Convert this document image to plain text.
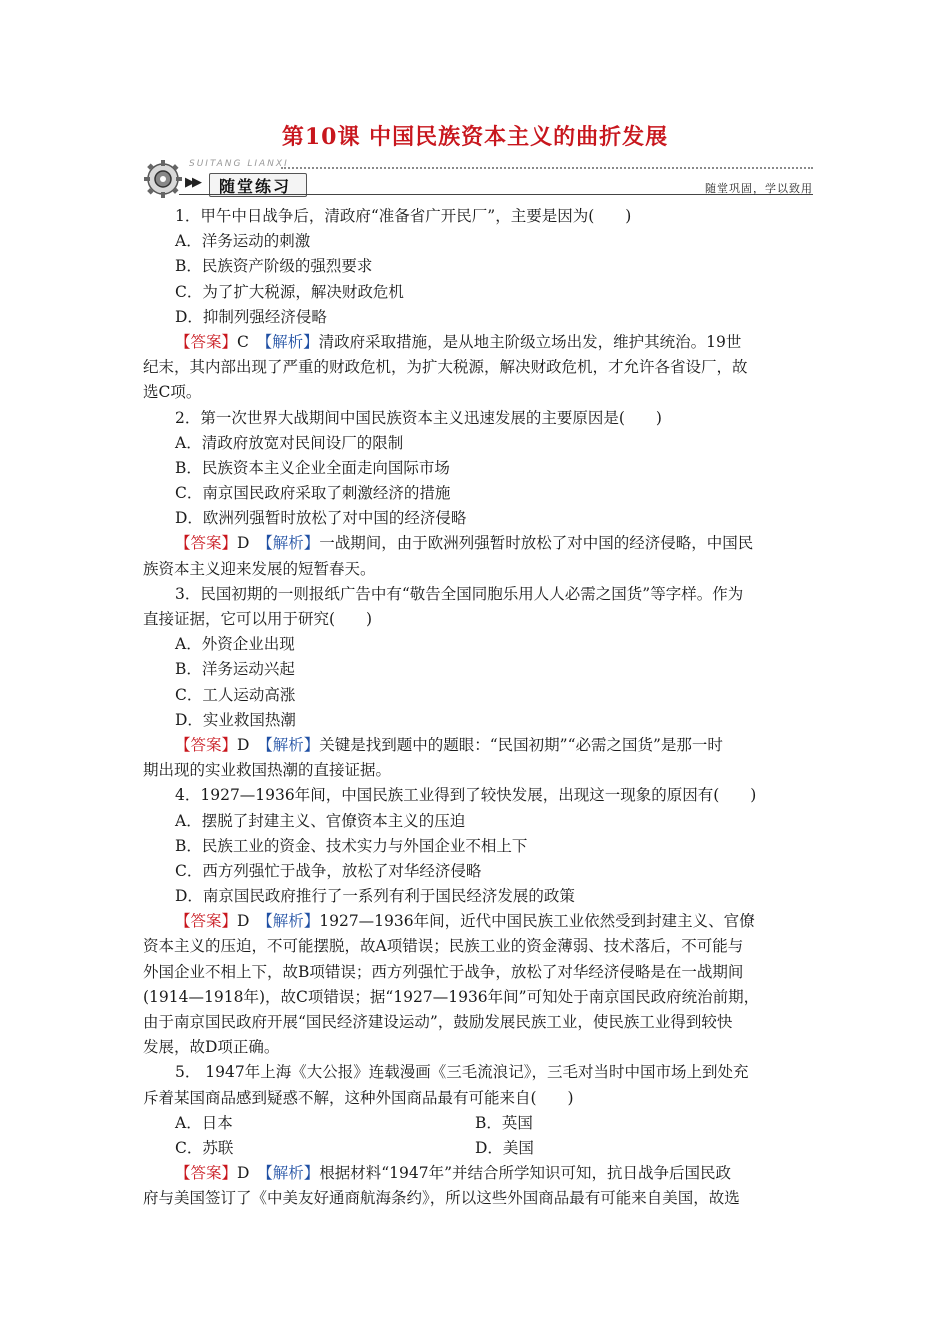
第10课 中国民族资本主义的曲折发展
SUITANG LIANXI
▶▶ 随堂练习	随堂巩固，学以致用
1．甲午中日战争后，清政府“准备省广开民厂”，主要是因为(　　)
A．洋务运动的刺激
B．民族资产阶级的强烈要求
C．为了扩大税源，解决财政危机
D．抑制列强经济侵略
【答案】C　 【解析】清政府采取措施，是从地主阶级立场出发，维护其统治。19世
纪末，其内部出现了严重的财政危机，为扩大税源，解决财政危机，才允许各省设厂，故
选C项。
2．第一次世界大战期间中国民族资本主义迅速发展的主要原因是(　　)
A．清政府放宽对民间设厂的限制
B．民族资本主义企业全面走向国际市场
C．南京国民政府采取了刺激经济的措施
D．欧洲列强暂时放松了对中国的经济侵略
【答案】D　 【解析】一战期间，由于欧洲列强暂时放松了对中国的经济侵略，中国民
族资本主义迎来发展的短暂春天。
3．民国初期的一则报纸广告中有“敬告全国同胞乐用人人必需之国货”等字样。作为
直接证据，它可以用于研究(　　)
A．外资企业出现
B．洋务运动兴起
C．工人运动高涨
D．实业救国热潮
【答案】D　 【解析】关键是找到题中的题眼：“民国初期”“必需之国货”是那一时
期出现的实业救国热潮的直接证据。
4．1927—1936年间，中国民族工业得到了较快发展，出现这一现象的原因有(　　)
A．摆脱了封建主义、官僚资本主义的压迫
B．民族工业的资金、技术实力与外国企业不相上下
C．西方列强忙于战争，放松了对华经济侵略
D．南京国民政府推行了一系列有利于国民经济发展的政策
【答案】D　 【解析】1927—1936年间，近代中国民族工业依然受到封建主义、官僚
资本主义的压迫，不可能摆脱，故A项错误；民族工业的资金薄弱、技术落后，不可能与
外国企业不相上下，故B项错误；西方列强忙于战争，放松了对华经济侵略是在一战期间
(1914—1918年)，故C项错误；据“1927—1936年间”可知处于南京国民政府统治前期，
由于南京国民政府开展“国民经济建设运动”，鼓励发展民族工业，使民族工业得到较快
发展，故D项正确。
5． 1947年上海《大公报》连载漫画《三毛流浪记》，三毛对当时中国市场上到处充
斥着某国商品感到疑惑不解，这种外国商品最有可能来自(　　)
A．日本	B．英国
C．苏联	D．美国
【答案】D　 【解析】根据材料“1947年”并结合所学知识可知，抗日战争后国民政
府与美国签订了《中美友好通商航海条约》，所以这些外国商品最有可能来自美国，故选
